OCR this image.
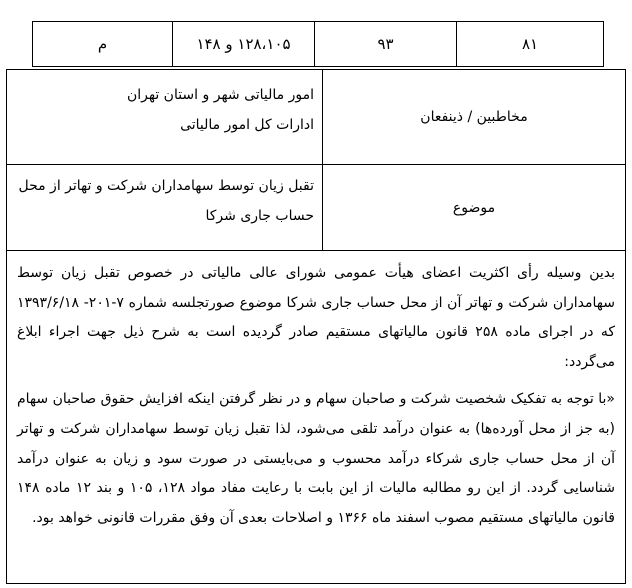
۸۱
۹۳
۱۲۸،۱۰۵ و ۱۴۸
م
مخاطبین / ذینفعان
امور مالیاتی شهر و استان تهران
ادارات کل امور مالیاتی
موضوع
تقبل زیان توسط سهامداران شرکت و تهاتر از محل
حساب جاری شرکا

بدین وسیله رأی اکثریت اعضای هیأت عمومی شورای عالی مالیاتی در خصوص تقبل زیان توسط سهامداران شرکت و تهاتر آن از محل حساب جاری شرکا موضوع صورتجلسه شماره ۷-۲۰۱- ۱۳۹۳/۶/۱۸ که در اجرای ماده ۲۵۸ قانون مالیاتهای مستقیم صادر گردیده است به شرح ذیل جهت اجراء ابلاغ می‌گردد:

«با توجه به تفکیک شخصیت شرکت و صاحبان سهام و در نظر گرفتن اینکه افزایش حقوق صاحبان سهام (به جز از محل آورده‌ها) به عنوان درآمد تلقی می‌شود، لذا تقبل زیان توسط سهامداران شرکت و تهاتر آن از محل حساب جاری شرکاء درآمد محسوب و می‌بایستی در صورت سود و زیان به عنوان درآمد شناسایی گردد. از این رو مطالبه مالیات از این بابت با رعایت مفاد مواد ۱۲۸، ۱۰۵ و بند ۱۲ ماده ۱۴۸ قانون مالیاتهای مستقیم مصوب اسفند ماه ۱۳۶۶ و اصلاحات بعدی آن وفق مقررات قانونی خواهد بود.
